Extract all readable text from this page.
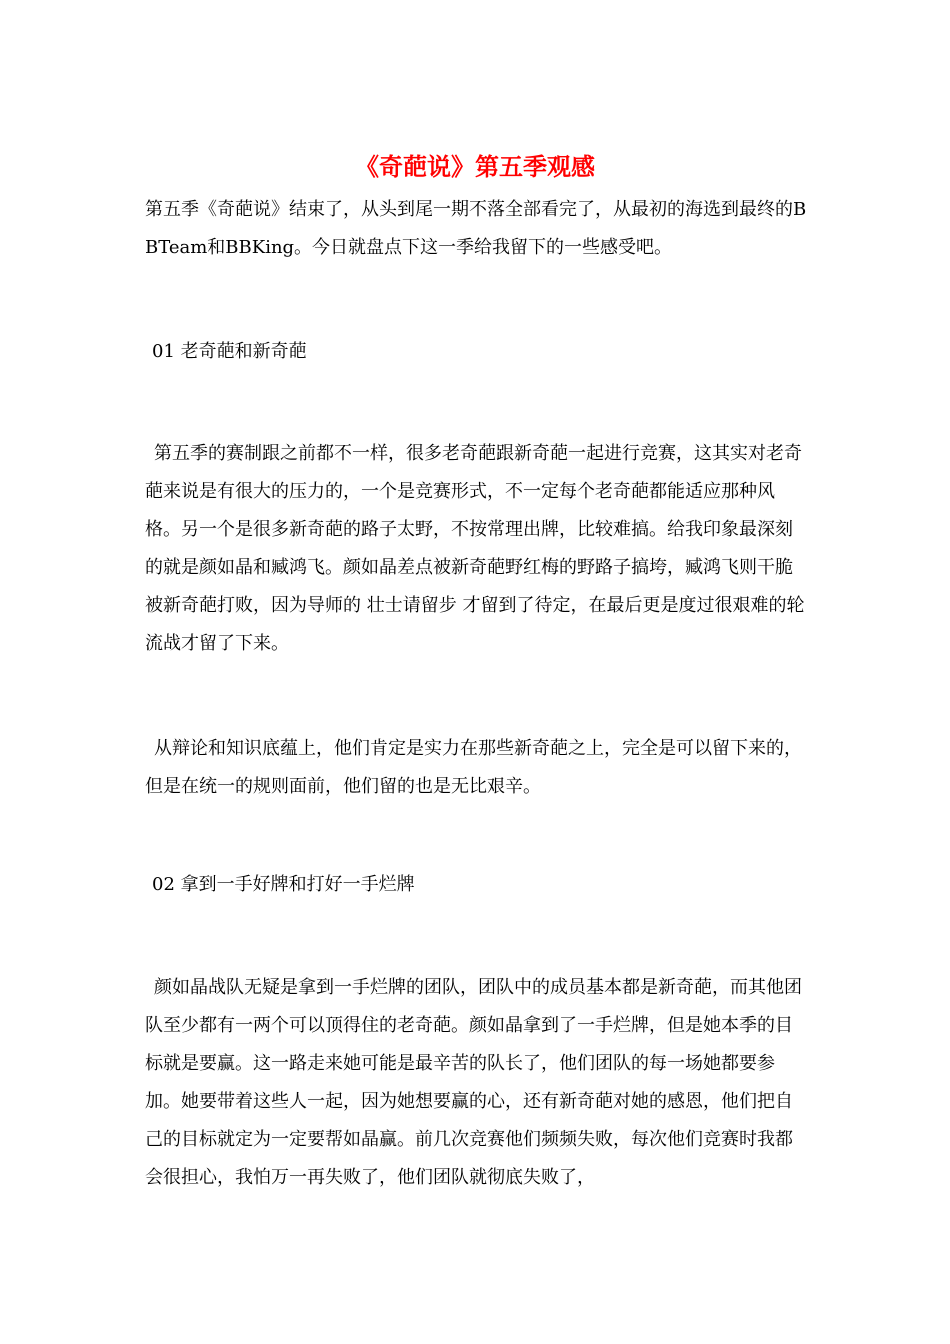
《奇葩说》第五季观感

第五季《奇葩说》结束了，从头到尾一期不落全部看完了，从最初的海选到最终的BBTeam和BBKing。今日就盘点下这一季给我留下的一些感受吧。

01 老奇葩和新奇葩

第五季的赛制跟之前都不一样，很多老奇葩跟新奇葩一起进行竞赛，这其实对老奇葩来说是有很大的压力的，一个是竞赛形式，不一定每个老奇葩都能适应那种风格。另一个是很多新奇葩的路子太野，不按常理出牌，比较难搞。给我印象最深刻的就是颜如晶和臧鸿飞。颜如晶差点被新奇葩野红梅的野路子搞垮，臧鸿飞则干脆被新奇葩打败，因为导师的 壮士请留步 才留到了待定，在最后更是度过很艰难的轮流战才留了下来。

从辩论和知识底蕴上，他们肯定是实力在那些新奇葩之上，完全是可以留下来的，但是在统一的规则面前，他们留的也是无比艰辛。

02 拿到一手好牌和打好一手烂牌

颜如晶战队无疑是拿到一手烂牌的团队，团队中的成员基本都是新奇葩，而其他团队至少都有一两个可以顶得住的老奇葩。颜如晶拿到了一手烂牌，但是她本季的目标就是要赢。这一路走来她可能是最辛苦的队长了，他们团队的每一场她都要参加。她要带着这些人一起，因为她想要赢的心，还有新奇葩对她的感恩，他们把自己的目标就定为一定要帮如晶赢。前几次竞赛他们频频失败，每次他们竞赛时我都会很担心，我怕万一再失败了，他们团队就彻底失败了，
